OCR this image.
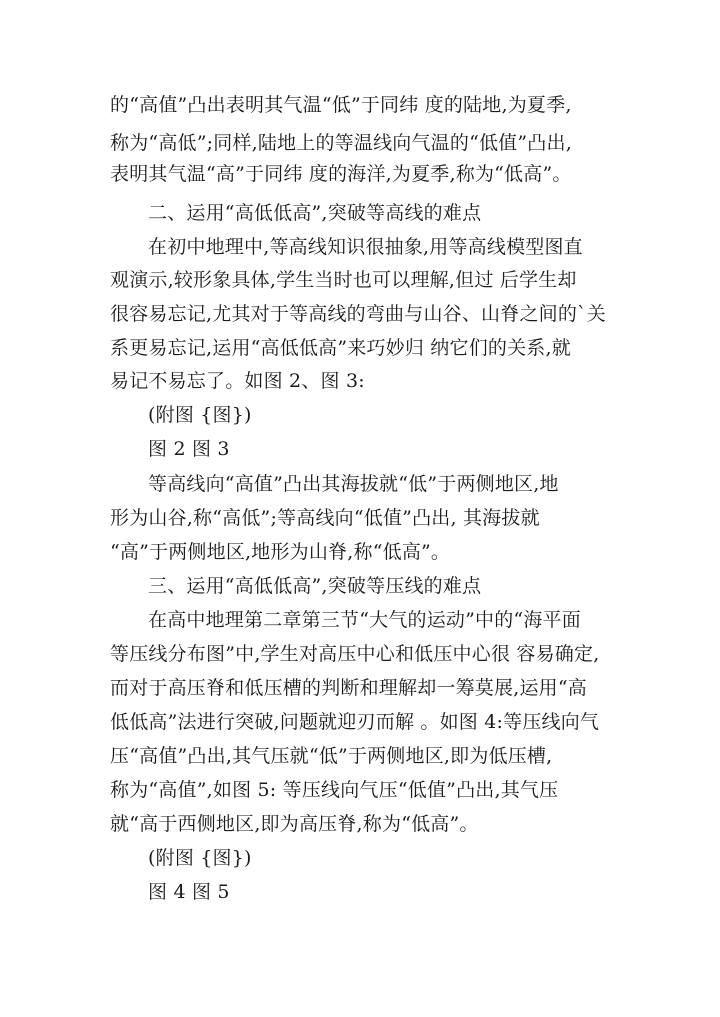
的“高值”凸出表明其气温“低”于同纬 度的陆地,为夏季,
称为“高低”;同样,陆地上的等温线向气温的“低值”凸出,
表明其气温“高”于同纬 度的海洋,为夏季,称为“低高”。
二、运用“高低低高”,突破等高线的难点
在初中地理中,等高线知识很抽象,用等高线模型图直
观演示,较形象具体,学生当时也可以理解,但过 后学生却
很容易忘记,尤其对于等高线的弯曲与山谷、山脊之间的`关
系更易忘记,运用“高低低高”来巧妙归 纳它们的关系,就
易记不易忘了。如图 2、图 3:
(附图 {图})
图 2 图 3
等高线向“高值”凸出其海拔就“低”于两侧地区,地
形为山谷,称“高低”;等高线向“低值”凸出, 其海拔就
“高”于两侧地区,地形为山脊,称“低高”。
三、运用“高低低高”,突破等压线的难点
在高中地理第二章第三节“大气的运动”中的“海平面
等压线分布图”中,学生对高压中心和低压中心很 容易确定,
而对于高压脊和低压槽的判断和理解却一筹莫展,运用“高
低低高”法进行突破,问题就迎刃而解 。如图 4:等压线向气
压“高值”凸出,其气压就“低”于两侧地区,即为低压槽,
称为“高值”,如图 5: 等压线向气压“低值”凸出,其气压
就“高于西侧地区,即为高压脊,称为“低高”。
(附图 {图})
图 4 图 5
